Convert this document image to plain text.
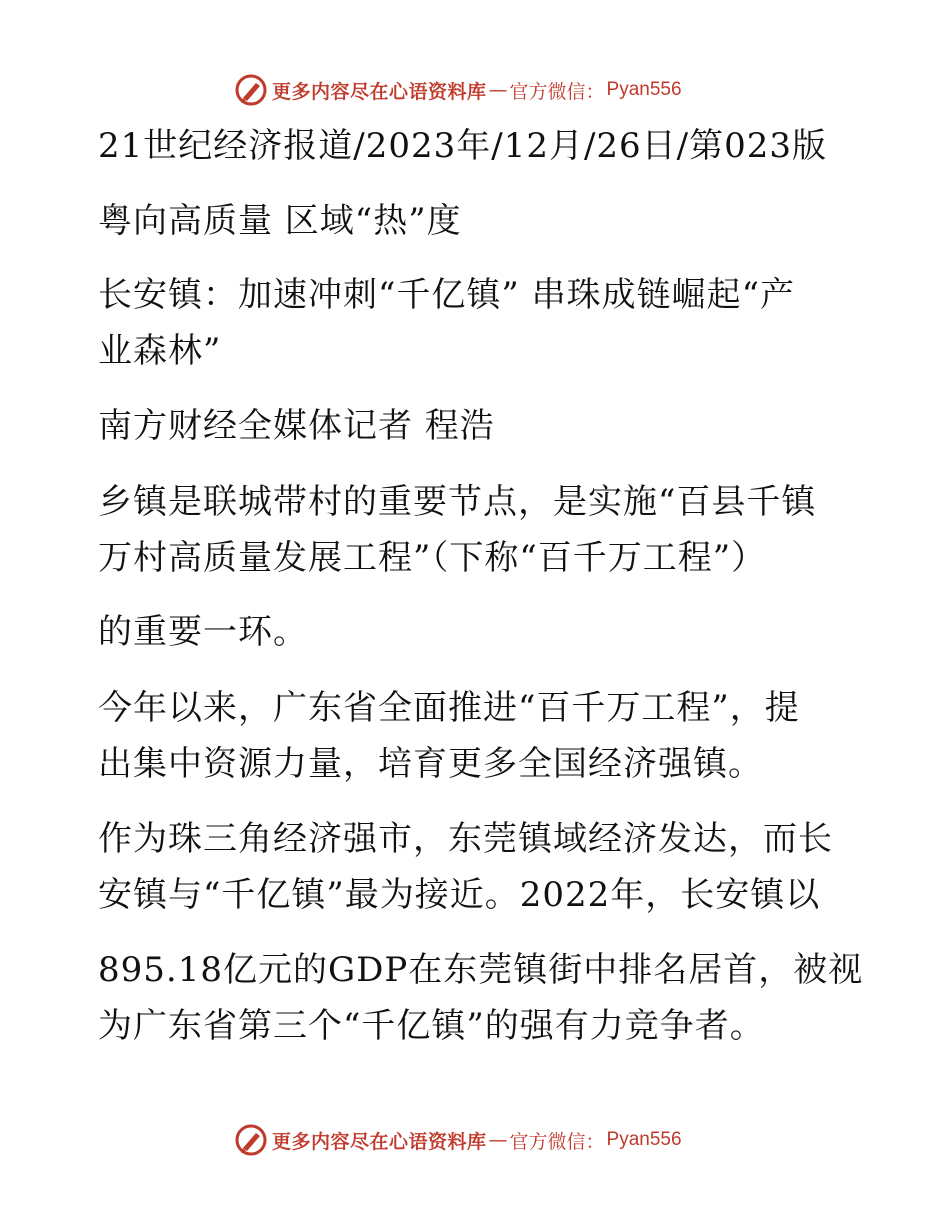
更多内容尽在心语资料库 — 官方微信： Pyan556
21世纪经济报道/2023年/12月/26日/第023版
粤向高质量 区域“热”度
长安镇：加速冲刺“千亿镇” 串珠成链崛起“产
业森林”
南方财经全媒体记者 程浩
乡镇是联城带村的重要节点，是实施“百县千镇
万村高质量发展工程”（下称“百千万工程”）
的重要一环。
今年以来，广东省全面推进“百千万工程”，提
出集中资源力量，培育更多全国经济强镇。
作为珠三角经济强市，东莞镇域经济发达，而长
安镇与“千亿镇”最为接近。2022年，长安镇以
895.18亿元的GDP在东莞镇街中排名居首，被视
为广东省第三个“千亿镇”的强有力竞争者。
更多内容尽在心语资料库 — 官方微信： Pyan556
